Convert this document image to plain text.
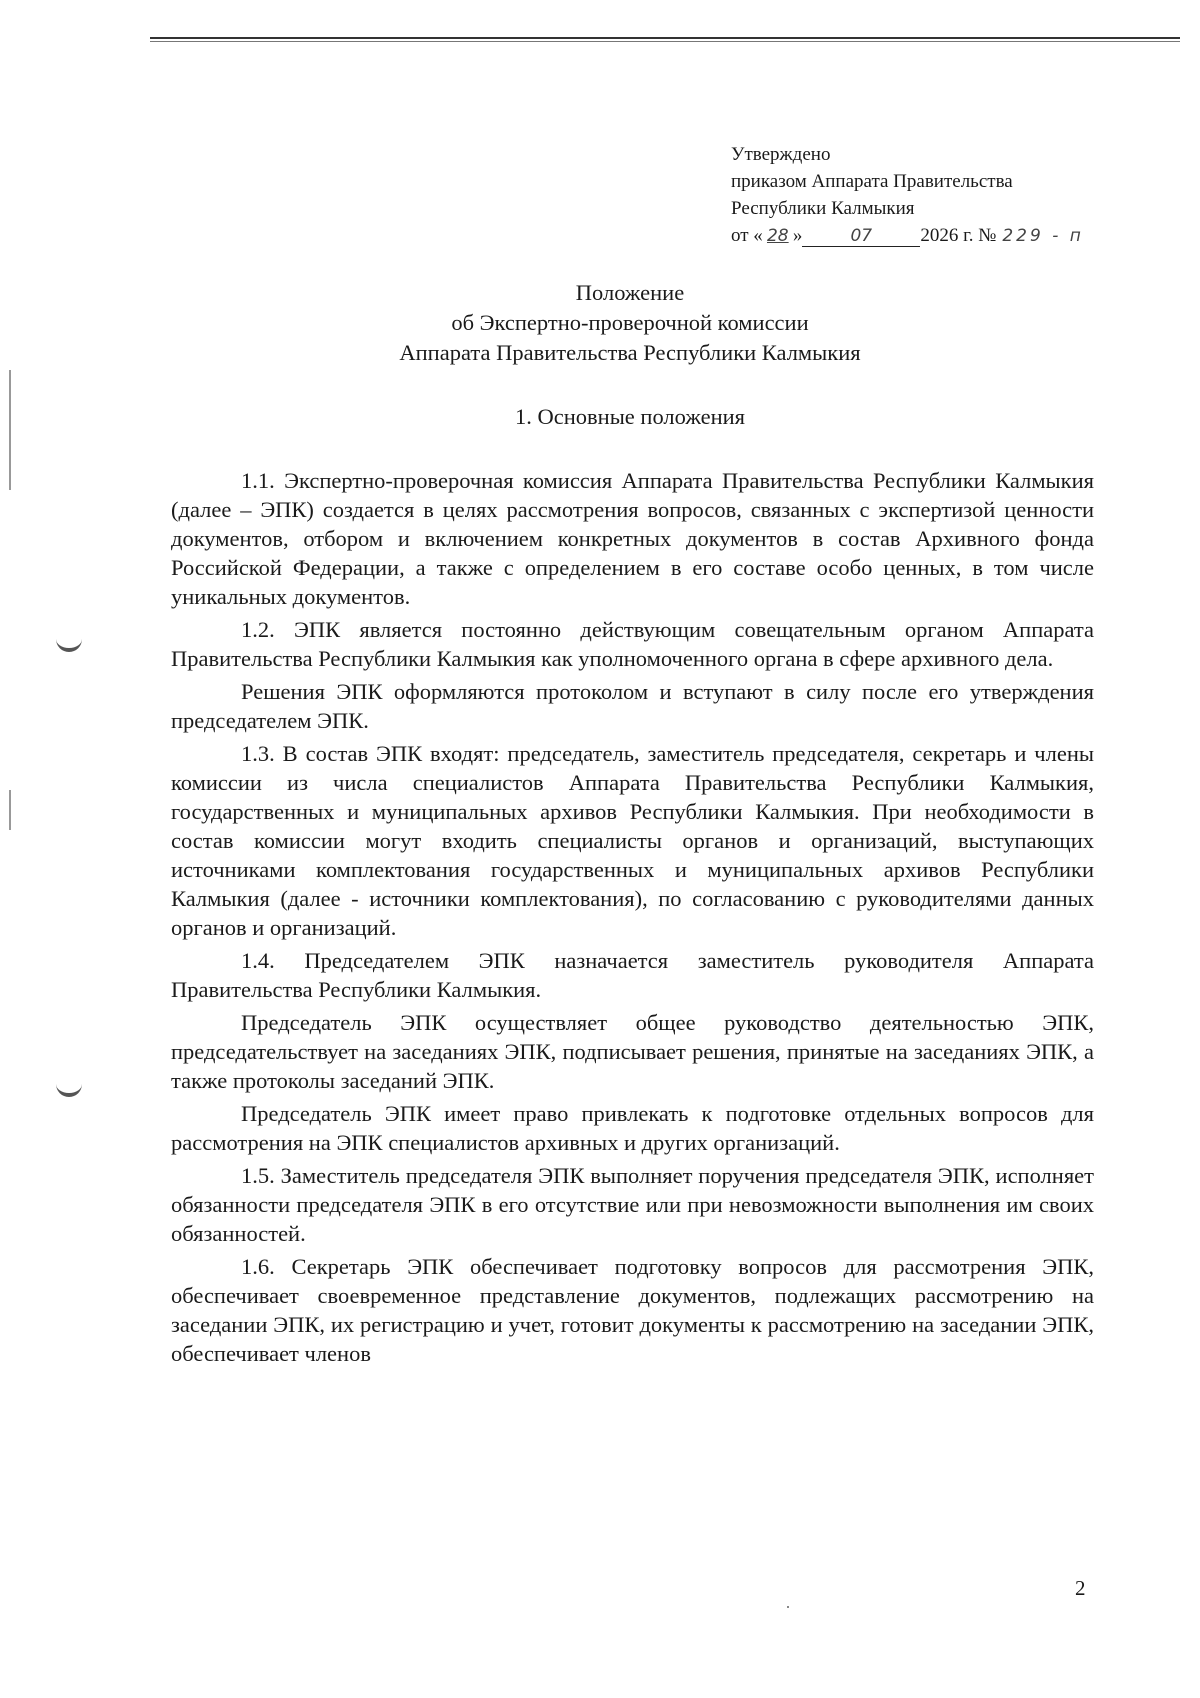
Утверждено
приказом Аппарата Правительства
Республики Калмыкия
от « 28 »	07	2026 г. № 229 - п
Положение
об Экспертно-проверочной комиссии
Аппарата Правительства Республики Калмыкия
1. Основные положения

1.1. Экспертно-проверочная комиссия Аппарата Правительства Республики Калмыкия (далее – ЭПК) создается в целях рассмотрения вопросов, связанных с экспертизой ценности документов, отбором и включением конкретных документов в состав Архивного фонда Российской Федерации, а также с определением в его составе особо ценных, в том числе уникальных документов.

1.2. ЭПК является постоянно действующим совещательным органом Аппарата Правительства Республики Калмыкия как уполномоченного органа в сфере архивного дела.

Решения ЭПК оформляются протоколом и вступают в силу после его утверждения председателем ЭПК.

1.3. В состав ЭПК входят: председатель, заместитель председателя, секретарь и члены комиссии из числа специалистов Аппарата Правительства Республики Калмыкия, государственных и муниципальных архивов Республики Калмыкия. При необходимости в состав комиссии могут входить специалисты органов и организаций, выступающих источниками комплектования государственных и муниципальных архивов Республики Калмыкия (далее - источники комплектования), по согласованию с руководителями данных органов и организаций.

1.4. Председателем ЭПК назначается заместитель руководителя Аппарата Правительства Республики Калмыкия.

Председатель ЭПК осуществляет общее руководство деятельностью ЭПК, председательствует на заседаниях ЭПК, подписывает решения, принятые на заседаниях ЭПК, а также протоколы заседаний ЭПК.

Председатель ЭПК имеет право привлекать к подготовке отдельных вопросов для рассмотрения на ЭПК специалистов архивных и других организаций.

1.5. Заместитель председателя ЭПК выполняет поручения председателя ЭПК, исполняет обязанности председателя ЭПК в его отсутствие или при невозможности выполнения им своих обязанностей.

1.6. Секретарь ЭПК обеспечивает подготовку вопросов для рассмотрения ЭПК, обеспечивает своевременное представление документов, подлежащих рассмотрению на заседании ЭПК, их регистрацию и учет, готовит документы к рассмотрению на заседании ЭПК, обеспечивает членов

2
